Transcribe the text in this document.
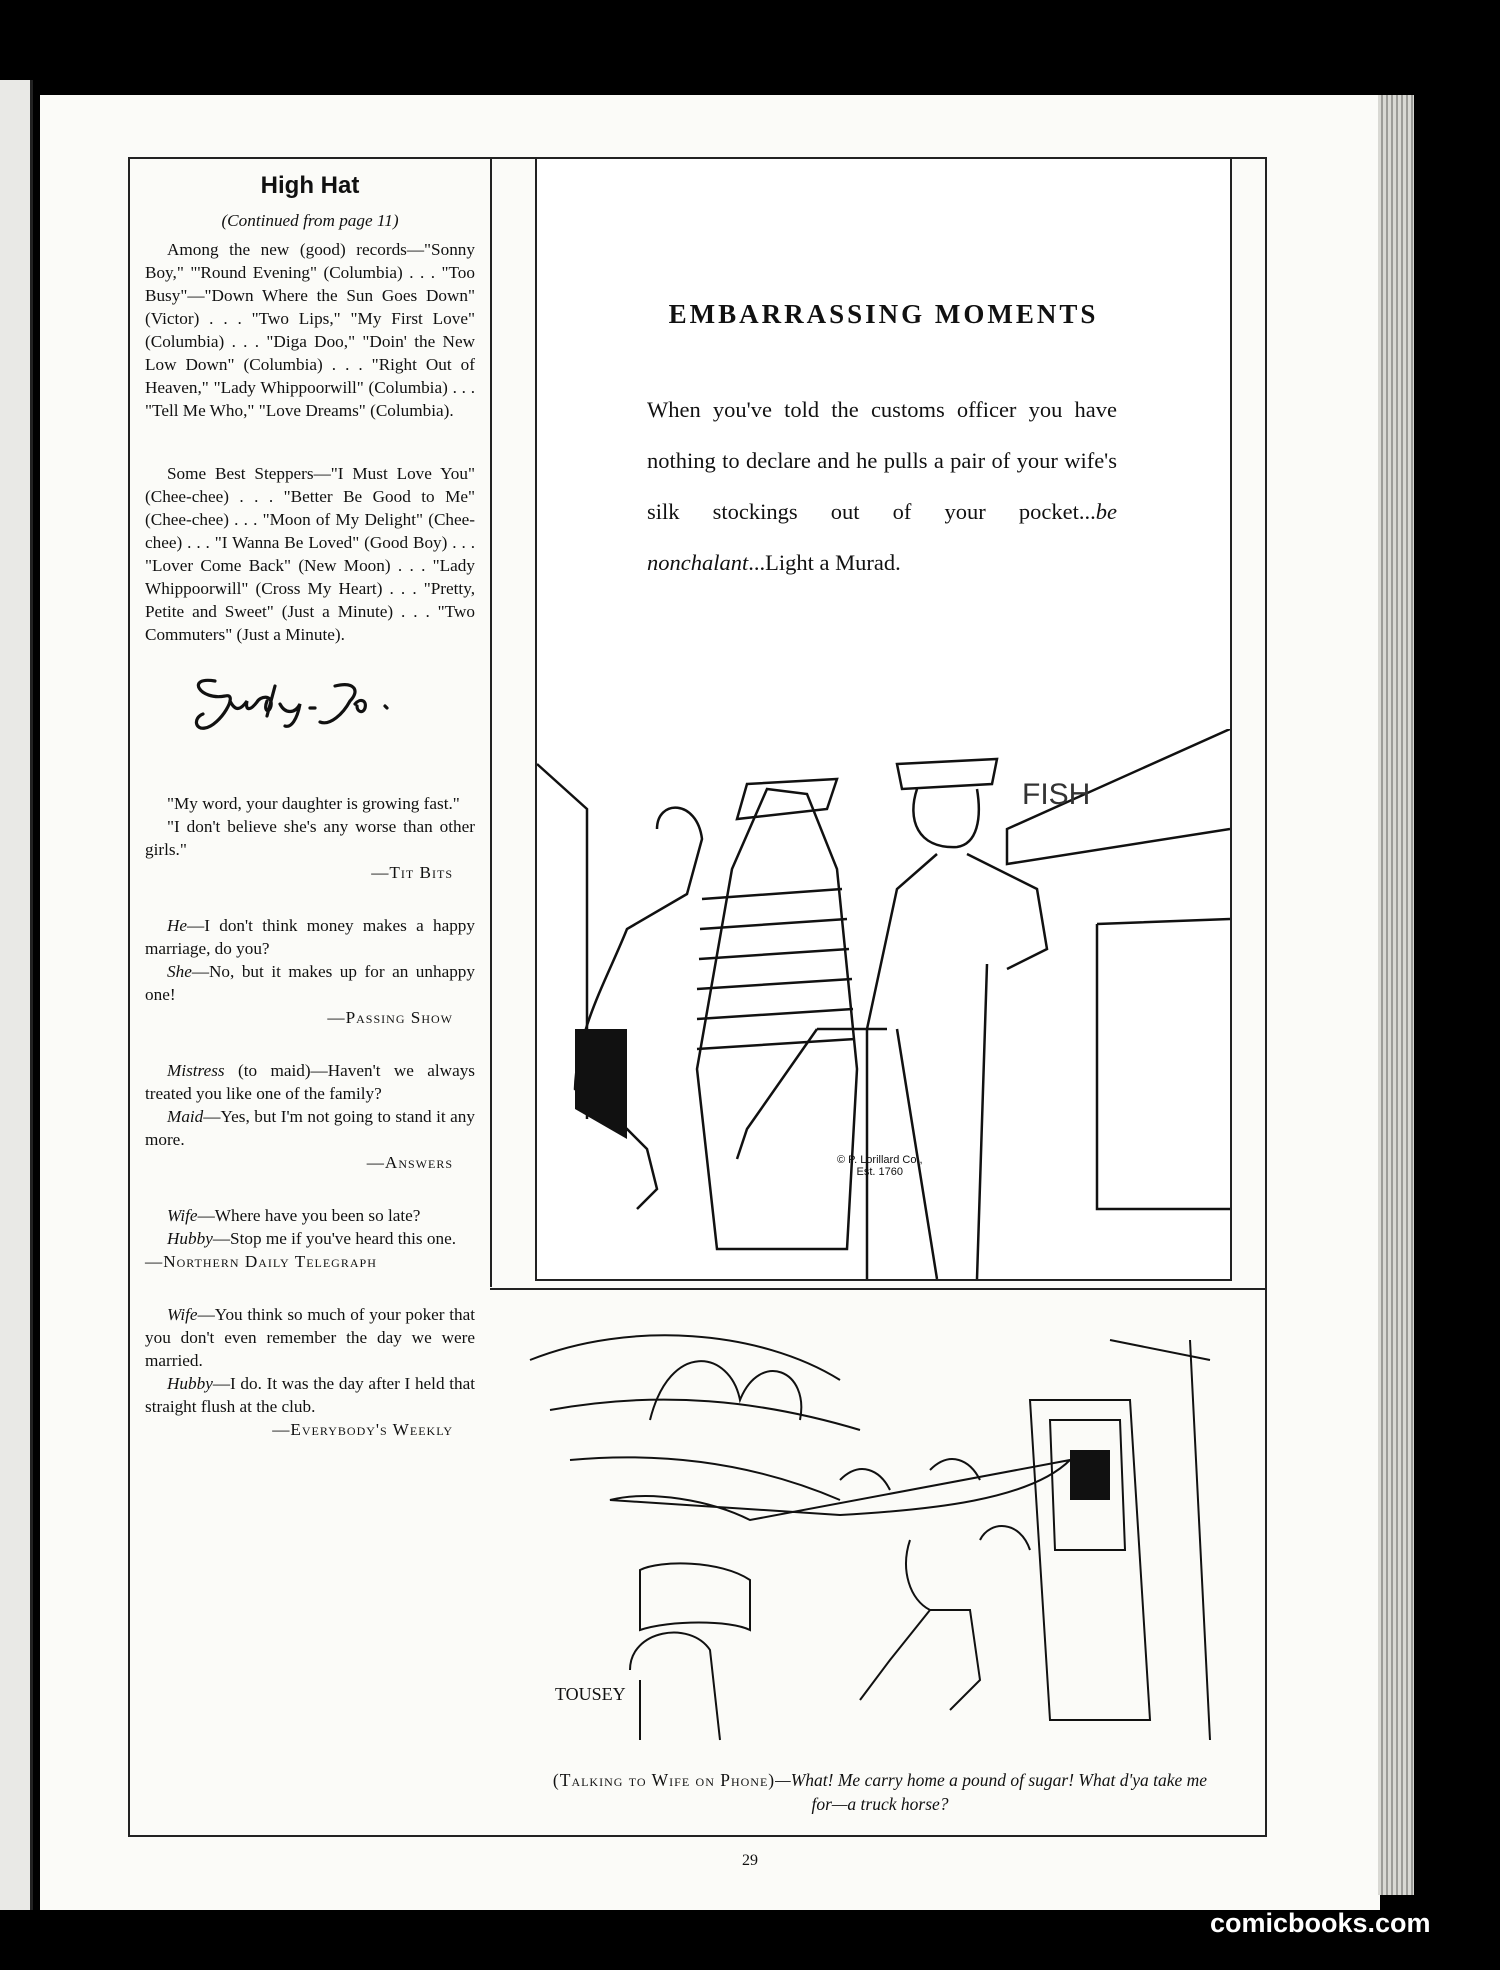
High Hat

(Continued from page 11)

Among the new (good) records—"Sonny Boy," "'Round Evening" (Columbia) . . . "Too Busy"—"Down Where the Sun Goes Down" (Victor) . . . "Two Lips," "My First Love" (Columbia) . . . "Diga Doo," "Doin' the New Low Down" (Columbia) . . . "Right Out of Heaven," "Lady Whippoorwill" (Columbia) . . . "Tell Me Who," "Love Dreams" (Columbia).

Some Best Steppers—"I Must Love You" (Chee-chee) . . . "Better Be Good to Me" (Chee-chee) . . . "Moon of My Delight" (Chee-chee) . . . "I Wanna Be Loved" (Good Boy) . . . "Lover Come Back" (New Moon) . . . "Lady Whippoorwill" (Cross My Heart) . . . "Pretty, Petite and Sweet" (Just a Minute) . . . "Two Commuters" (Just a Minute).

"My word, your daughter is growing fast."

"I don't believe she's any worse than other girls."

—Tit Bits

He—I don't think money makes a happy marriage, do you?

She—No, but it makes up for an unhappy one!

—Passing Show

Mistress (to maid)—Haven't we always treated you like one of the family?

Maid—Yes, but I'm not going to stand it any more.

—Answers

Wife—Where have you been so late?

Hubby—Stop me if you've heard this one.

—Northern Daily Telegraph

Wife—You think so much of your poker that you don't even remember the day we were married.

Hubby—I do. It was the day after I held that straight flush at the club.

—Everybody's Weekly

EMBARRASSING MOMENTS
When you've told the customs officer you have nothing to declare and he pulls a pair of your wife's silk stockings out of your pocket...be nonchalant...Light a Murad.
FISH
© P. Lorillard Co.,
Est. 1760
TOUSEY
(Talking to Wife on Phone)—What! Me carry home a pound of sugar! What d'ya take me for—a truck horse?
29
comicbooks.com
